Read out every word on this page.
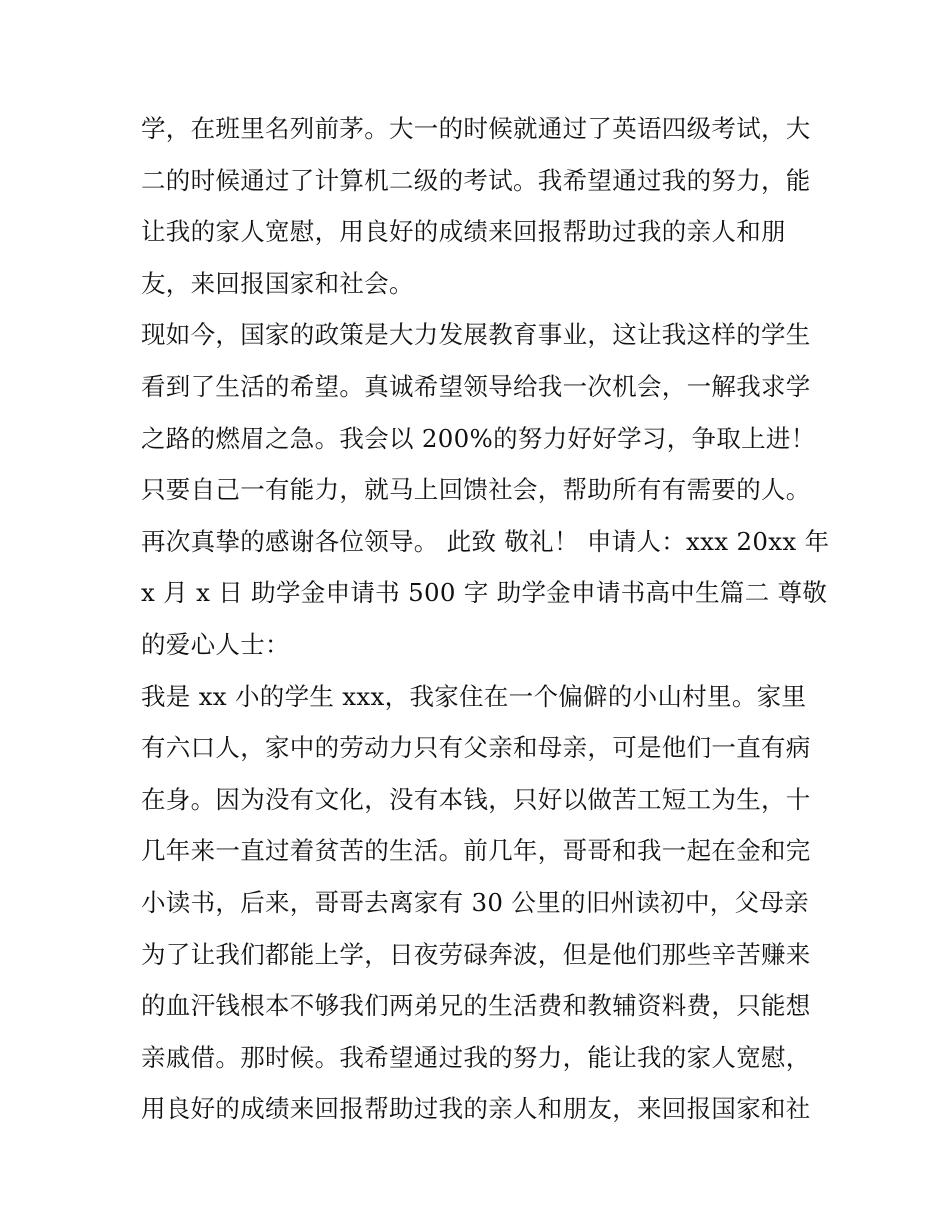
学，在班里名列前茅。大一的时候就通过了英语四级考试，大
二的时候通过了计算机二级的考试。我希望通过我的努力，能
让我的家人宽慰，用良好的成绩来回报帮助过我的亲人和朋
友，来回报国家和社会。
现如今，国家的政策是大力发展教育事业，这让我这样的学生
看到了生活的希望。真诚希望领导给我一次机会，一解我求学
之路的燃眉之急。我会以 200%的努力好好学习，争取上进！
只要自己一有能力，就马上回馈社会，帮助所有有需要的人。
再次真挚的感谢各位领导。 此致 敬礼！ 申请人：xxx 20xx 年
x 月 x 日 助学金申请书 500 字 助学金申请书高中生篇二 尊敬
的爱心人士：
我是 xx 小的学生 xxx，我家住在一个偏僻的小山村里。家里
有六口人，家中的劳动力只有父亲和母亲，可是他们一直有病
在身。因为没有文化，没有本钱，只好以做苦工短工为生，十
几年来一直过着贫苦的生活。前几年，哥哥和我一起在金和完
小读书，后来，哥哥去离家有 30 公里的旧州读初中，父母亲
为了让我们都能上学，日夜劳碌奔波，但是他们那些辛苦赚来
的血汗钱根本不够我们两弟兄的生活费和教辅资料费，只能想
亲戚借。那时候。我希望通过我的努力，能让我的家人宽慰，
用良好的成绩来回报帮助过我的亲人和朋友，来回报国家和社
